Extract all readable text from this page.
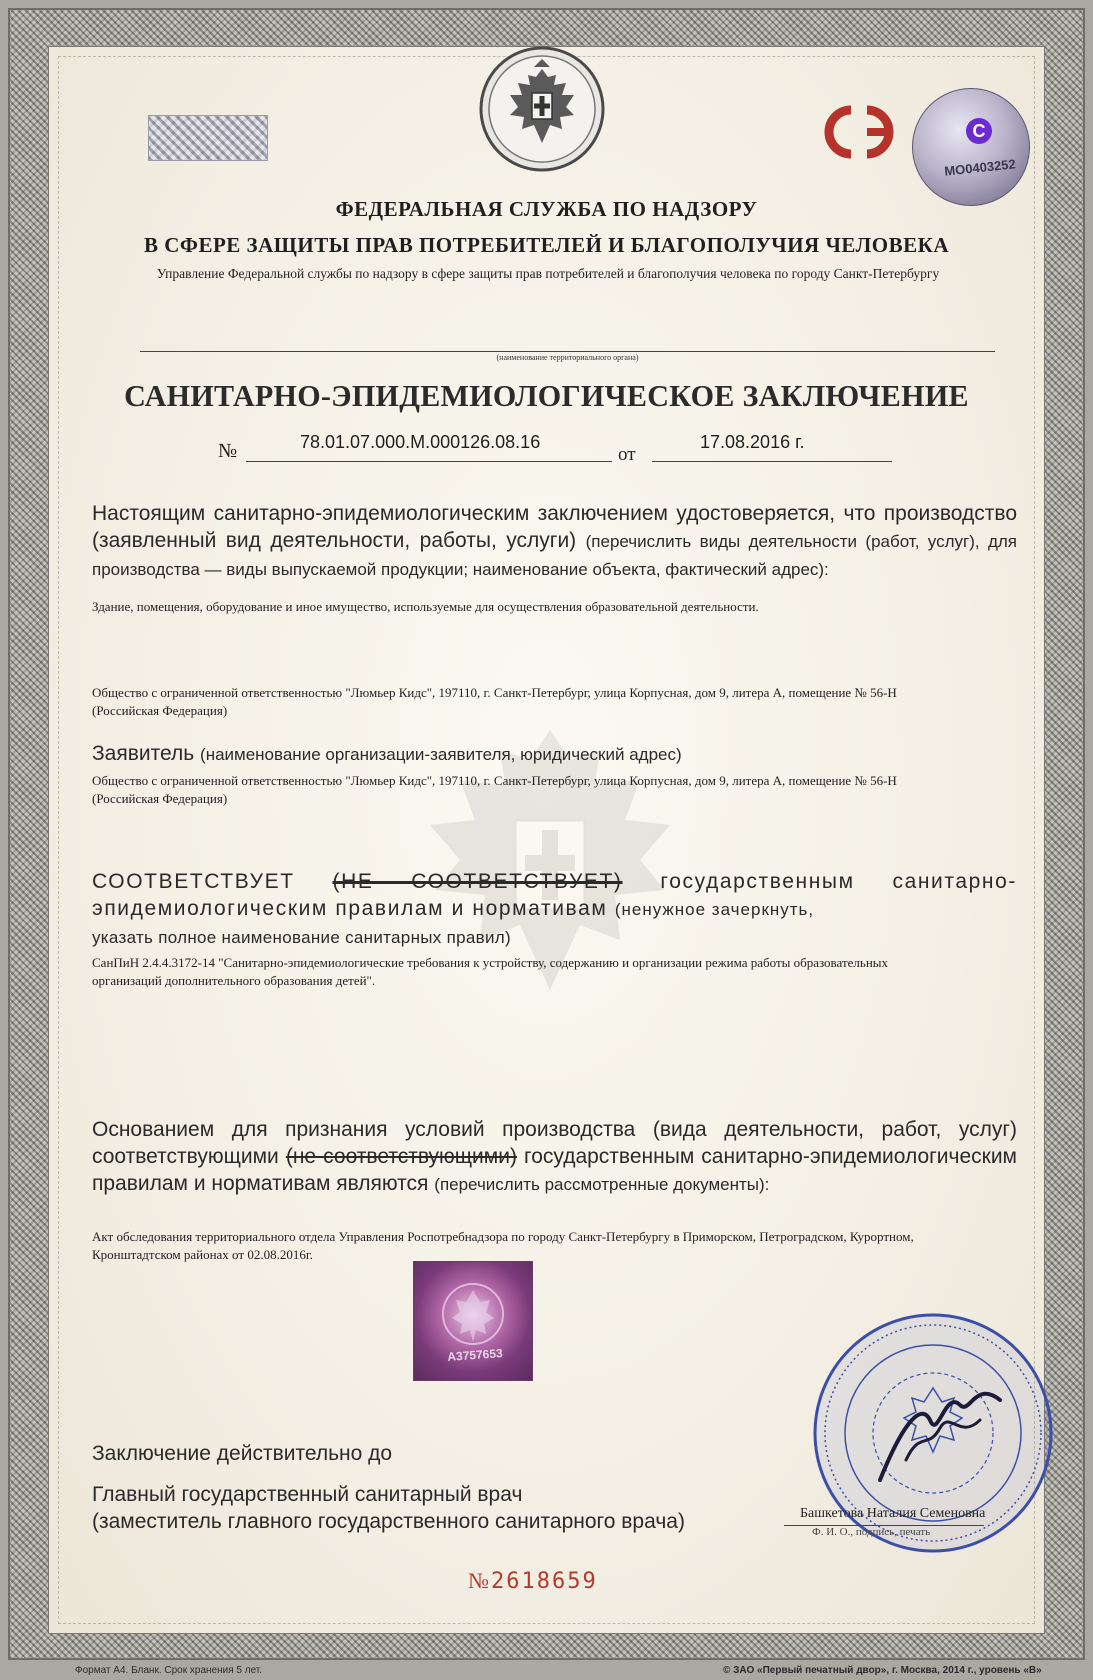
С
МО0403252
ФЕДЕРАЛЬНАЯ СЛУЖБА ПО НАДЗОРУ
В СФЕРЕ ЗАЩИТЫ ПРАВ ПОТРЕБИТЕЛЕЙ И БЛАГОПОЛУЧИЯ ЧЕЛОВЕКА
Управление Федеральной службы по надзору в сфере защиты прав потребителей и благополучия человека по городу Санкт-Петербургу
(наименование территориального органа)
САНИТАРНО-ЭПИДЕМИОЛОГИЧЕСКОЕ ЗАКЛЮЧЕНИЕ
№	78.01.07.000.М.000126.08.16
от
17.08.2016 г.
Настоящим санитарно-эпидемиологическим заключением удостоверяется, что производство (заявленный вид деятельности, работы, услуги) (перечислить виды деятельности (работ, услуг), для производства — виды выпускаемой продукции; наименование объекта, фактический адрес):
Здание, помещения, оборудование и иное имущество, используемые для осуществления образовательной деятельности.
Общество с ограниченной ответственностью "Люмьер Кидс", 197110, г. Санкт-Петербург, улица Корпусная, дом 9, литера А, помещение № 56-Н (Российская Федерация)
Заявитель (наименование организации-заявителя, юридический адрес)
Общество с ограниченной ответственностью "Люмьер Кидс", 197110, г. Санкт-Петербург, улица Корпусная, дом 9, литера А, помещение № 56-Н (Российская Федерация)
СООТВЕТСТВУЕТ (НЕ СООТВЕТСТВУЕТ) государственным санитарно-эпидемиологическим правилам и нормативам (ненужное зачеркнуть,
указать полное наименование санитарных правил)
СанПиН 2.4.4.3172-14 "Санитарно-эпидемиологические требования к устройству, содержанию и организации режима работы образовательных организаций дополнительного образования детей".
Основанием для признания условий производства (вида деятельности, работ, услуг) соответствующими (не соответствующими) государственным санитарно-эпидемиологическим правилам и нормативам являются (перечислить рассмотренные документы):
Акт обследования территориального отдела Управления Роспотребнадзора по городу Санкт-Петербургу в Приморском, Петроградском, Курортном, Кронштадтском районах от 02.08.2016г.
А3757653
Заключение действительно до
Главный государственный санитарный врач
(заместитель главного государственного санитарного врача)	Башкетова Наталия Семеновна
Ф. И. О., подпись, печать
№2618659
Формат А4. Бланк. Срок хранения 5 лет.	© ЗАО «Первый печатный двор», г. Москва, 2014 г., уровень «В»
